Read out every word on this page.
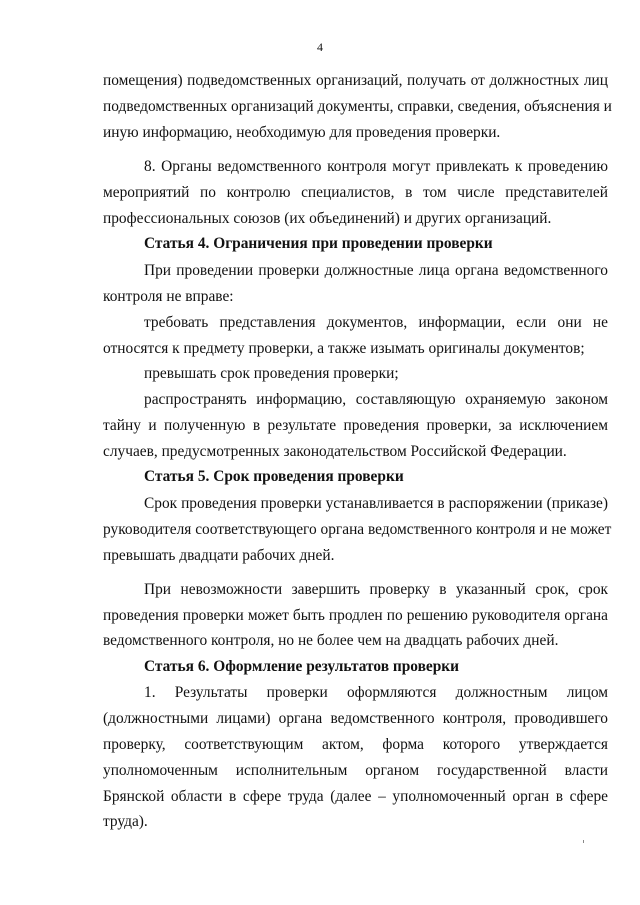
4
помещения) подведомственных организаций, получать от должностных лиц
подведомственных организаций документы, справки, сведения, объяснения и
иную информацию, необходимую для проведения проверки.
8. Органы ведомственного контроля могут привлекать к проведению
мероприятий по контролю специалистов, в том числе представителей
профессиональных союзов (их объединений) и других организаций.
Статья 4. Ограничения при проведении проверки
При проведении проверки должностные лица органа ведомственного
контроля не вправе:
требовать представления документов, информации, если они не
относятся к предмету проверки, а также изымать оригиналы документов;
превышать срок проведения проверки;
распространять информацию, составляющую охраняемую законом
тайну и полученную в результате проведения проверки, за исключением
случаев, предусмотренных законодательством Российской Федерации.
Статья 5. Срок проведения проверки
Срок проведения проверки устанавливается в распоряжении (приказе)
руководителя соответствующего органа ведомственного контроля и не может
превышать двадцати рабочих дней.
При невозможности завершить проверку в указанный срок, срок
проведения проверки может быть продлен по решению руководителя органа
ведомственного контроля, но не более чем на двадцать рабочих дней.
Статья 6. Оформление результатов проверки
1. Результаты проверки оформляются должностным лицом
(должностными лицами) органа ведомственного контроля, проводившего
проверку, соответствующим актом, форма которого утверждается
уполномоченным исполнительным органом государственной власти
Брянской области в сфере труда (далее – уполномоченный орган в сфере
труда).
